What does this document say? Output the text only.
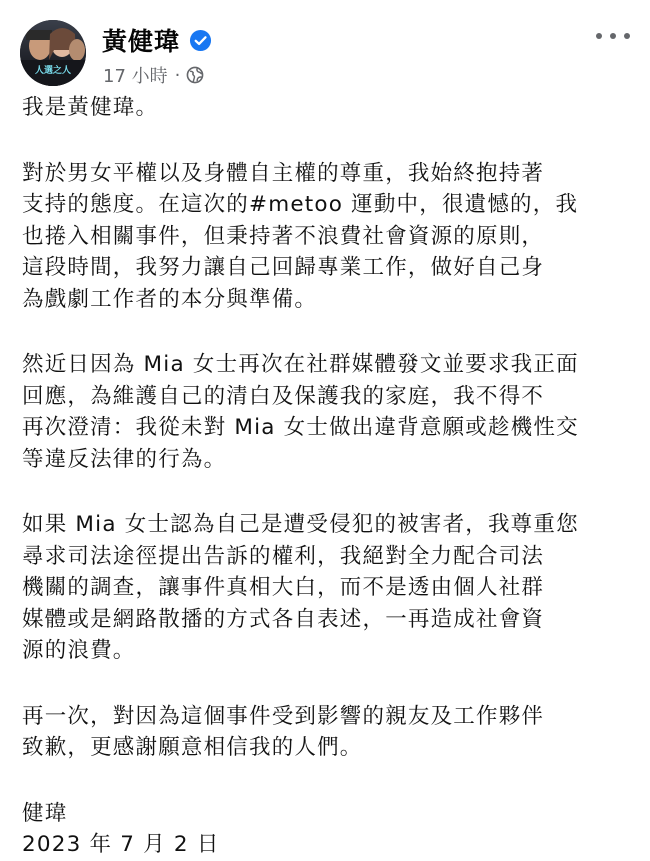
人選之人
黃健瑋
17 小時 ·

我是黃健瑋。

對於男女平權以及身體自主權的尊重，我始終抱持著

支持的態度。在這次的#metoo 運動中，很遺憾的，我

也捲入相關事件，但秉持著不浪費社會資源的原則，

這段時間，我努力讓自己回歸專業工作，做好自己身

為戲劇工作者的本分與準備。

然近日因為 Mia 女士再次在社群媒體發文並要求我正面

回應，為維護自己的清白及保護我的家庭，我不得不

再次澄清：我從未對 Mia 女士做出違背意願或趁機性交

等違反法律的行為。

如果 Mia 女士認為自己是遭受侵犯的被害者，我尊重您

尋求司法途徑提出告訴的權利，我絕對全力配合司法

機關的調查，讓事件真相大白，而不是透由個人社群

媒體或是網路散播的方式各自表述，一再造成社會資

源的浪費。

再一次，對因為這個事件受到影響的親友及工作夥伴

致歉，更感謝願意相信我的人們。

健瑋

2023 年 7 月 2 日
